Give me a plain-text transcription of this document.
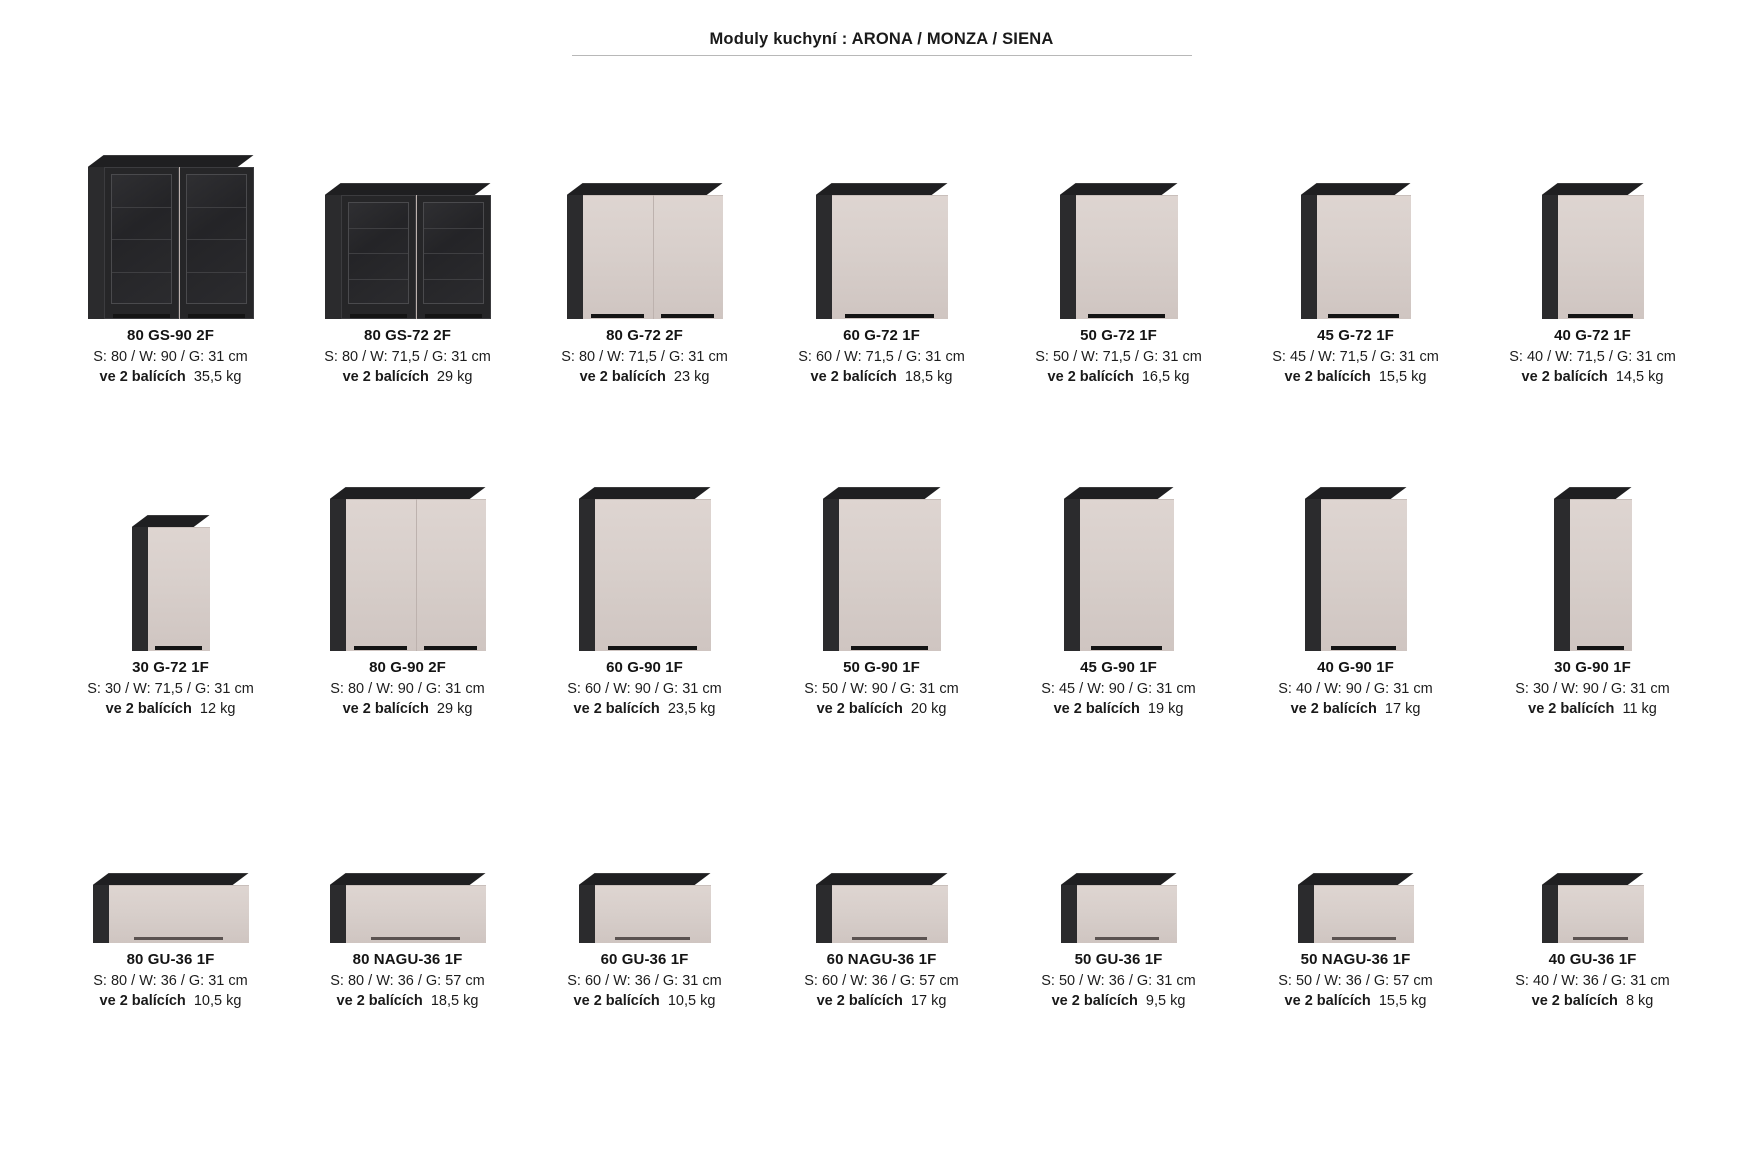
Moduly kuchyní : ARONA / MONZA / SIENA
80 GS-90 2F
S: 80 / W: 90 / G: 31 cm
ve 2 balících 35,5 kg
80 GS-72 2F
S: 80 / W: 71,5 / G: 31 cm
ve 2 balících 29 kg
80 G-72 2F
S: 80 / W: 71,5 / G: 31 cm
ve 2 balících 23 kg
60 G-72 1F
S: 60 / W: 71,5 / G: 31 cm
ve 2 balících 18,5 kg
50 G-72 1F
S: 50 / W: 71,5 / G: 31 cm
ve 2 balících 16,5 kg
45 G-72 1F
S: 45 / W: 71,5 / G: 31 cm
ve 2 balících 15,5 kg
40 G-72 1F
S: 40 / W: 71,5 / G: 31 cm
ve 2 balících 14,5 kg
30 G-72 1F
S: 30 / W: 71,5 / G: 31 cm
ve 2 balících 12 kg
80 G-90 2F
S: 80 / W: 90 / G: 31 cm
ve 2 balících 29 kg
60 G-90 1F
S: 60 / W: 90 / G: 31 cm
ve 2 balících 23,5 kg
50 G-90 1F
S: 50 / W: 90 / G: 31 cm
ve 2 balících 20 kg
45 G-90 1F
S: 45 / W: 90 / G: 31 cm
ve 2 balících 19 kg
40 G-90 1F
S: 40 / W: 90 / G: 31 cm
ve 2 balících 17 kg
30 G-90 1F
S: 30 / W: 90 / G: 31 cm
ve 2 balících 11 kg
80 GU-36 1F
S: 80 / W: 36 / G: 31 cm
ve 2 balících 10,5 kg
80 NAGU-36 1F
S: 80 / W: 36 / G: 57 cm
ve 2 balících 18,5 kg
60 GU-36 1F
S: 60 / W: 36 / G: 31 cm
ve 2 balících 10,5 kg
60 NAGU-36 1F
S: 60 / W: 36 / G: 57 cm
ve 2 balících 17 kg
50 GU-36 1F
S: 50 / W: 36 / G: 31 cm
ve 2 balících 9,5 kg
50 NAGU-36 1F
S: 50 / W: 36 / G: 57 cm
ve 2 balících 15,5 kg
40 GU-36 1F
S: 40 / W: 36 / G: 31 cm
ve 2 balících 8 kg
